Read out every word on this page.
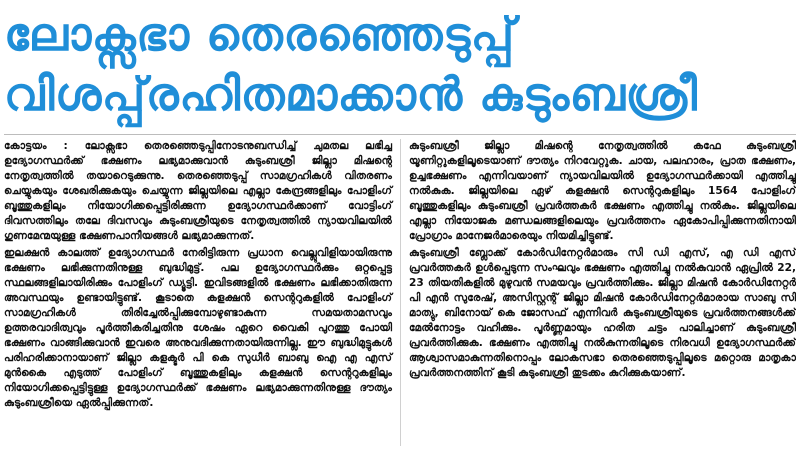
ലോക്സഭാ തെരഞ്ഞെടുപ്പ്
വിശപ്പ്‌രഹിതമാക്കാൻ കുടുംബശ്രീ

കോട്ടയം : ലോക്സഭാ തെരഞ്ഞെടുപ്പിനോടനുബന്ധിച്ച് ചുമതല ലഭിച്ച ഉദ്യോഗസ്ഥർക്ക് ഭക്ഷണം ലഭ്യമാക്കുവാൻ കുടുംബശ്രീ ജില്ലാ മിഷന്റെ നേതൃത്വത്തിൽ തയാറെടുക്കുന്നു. തെരഞ്ഞെടുപ്പ് സാമഗ്രഹികൾ വിതരണം ചെയ്യുകയും ശേഖരിക്കുകയും ചെയ്യുന്ന ജില്ലയിലെ എല്ലാ കേന്ദ്രങ്ങളിലും പോളിംഗ് ബൂത്തുകളിലും നിയോഗിക്കപ്പെട്ടിരിക്കുന്ന ഉദ്യോഗസ്ഥർക്കാണ് വോട്ടിംഗ് ദിവസത്തിലും തലേ ദിവസവും കുടുംബശ്രീയുടെ നേതൃത്വത്തിൽ ന്യായവിലയിൽ ഗുണമേന്മയുള്ള ഭക്ഷണപാനീയങ്ങൾ ലഭ്യമാക്കുന്നത്.

ഇലക്ഷൻ കാലത്ത് ഉദ്യോഗസ്ഥർ നേരിട്ടിരുന്ന പ്രധാന വെല്ലുവിളിയായിരുന്നു ഭക്ഷണം ലഭിക്കുന്നതിനുള്ള ബുദ്ധിമുട്ട്. പല ഉദ്യോഗസ്ഥർക്കും ഒറ്റപ്പെട്ട സ്ഥലങ്ങളിലായിരിക്കും പോളിംഗ് ഡ്യൂട്ടി. ഇവിടങ്ങളിൽ ഭക്ഷണം ലഭിക്കാതിരുന്ന അവസ്ഥയും ഉണ്ടായിട്ടുണ്ട്. കൂടാതെ കളക്ഷൻ സെന്ററുകളിൽ പോളിംഗ് സാമഗ്രഹികൾ തിരിച്ചേൽപ്പിക്കുമ്പോഴുണ്ടാകുന്ന സമയതാമസവും ഉത്തരവാദിത്വവും പൂർത്തീകരിച്ചതിനു ശേഷം ഏറെ വൈകി പുറത്തു പോയി ഭക്ഷണം വാങ്ങിക്കുവാൻ ഇവരെ അനുവദിക്കുന്നതായിരുന്നില്ല. ഈ ബുദ്ധിമുട്ടുകൾ പരിഹരിക്കാനായാണ് ജില്ലാ കളക്ടർ പി കെ സുധീർ ബാബു ഐ എ എസ് മുൻകൈ എടുത്ത് പോളിംഗ് ബൂത്തുകളിലും കളക്ഷൻ സെന്ററുകളിലും നിയോഗിക്കപ്പെട്ടിട്ടുള്ള ഉദ്യോഗസ്ഥർക്ക് ഭക്ഷണം ലഭ്യമാക്കുന്നതിനുള്ള ദൗത്യം കുടുംബശ്രീയെ ഏൽപ്പിക്കുന്നത്.

കുടുംബശ്രീ ജില്ലാ മിഷന്റെ നേതൃത്വത്തിൽ കഫേ കുടുംബശ്രീ യൂണിറ്റുകളിലൂടെയാണ് ദൗത്യം നിറവേറ്റുക. ചായ, പലഹാരം, പ്രാത ഭക്ഷണം, ഉച്ചഭക്ഷണം എന്നിവയാണ് ന്യായവിലയിൽ ഉദ്യോഗസ്ഥർക്കായി എത്തിച്ചു നൽകുക. ജില്ലയിലെ ഏഴ് കളക്ഷൻ സെന്ററുകളിലും 1564 പോളിംഗ് ബൂത്തുകളിലും കുടുംബശ്രീ പ്രവർത്തകർ ഭക്ഷണം എത്തിച്ചു നൽകും. ജില്ലയിലെ എല്ലാ നിയോജക മണ്ഡലങ്ങളിലെയും പ്രവർത്തനം ഏകോപിപ്പിക്കുന്നതിനായി പ്രോഗ്രാം മാനേജർമാരെയും നിയമിച്ചിട്ടുണ്ട്.

കുടുംബശ്രീ ബ്ലോക്ക് കോർഡിനേറ്റർമാരും സി ഡി എസ്, എ ഡി എസ് പ്രവർത്തകർ ഉൾപ്പെടുന്ന സംഘവും ഭക്ഷണം എത്തിച്ചു നൽകുവാൻ ഏപ്രിൽ 22, 23 തിയതികളിൽ മുഴുവൻ സമയവും പ്രവർത്തിക്കും. ജില്ലാ മിഷൻ കോർഡിനേറ്റർ പി എൻ സുരേഷ്, അസിസ്റ്റന്റ് ജില്ലാ മിഷൻ കോർഡിനേറ്റർമാരായ സാബു സി മാത്യു, ബിനോയ് കെ ജോസഫ് എന്നിവർ കുടുംബശ്രീയുടെ പ്രവർത്തനങ്ങൾക്ക് മേൽനോട്ടം വഹിക്കും. പൂർണ്ണമായും ഹരിത ചട്ടം പാലിച്ചാണ് കുടുംബശ്രീ പ്രവർത്തിക്കുക. ഭക്ഷണം എത്തിച്ചു നൽകുന്നതിലൂടെ നിരവധി ഉദ്യോഗസ്ഥർക്ക് ആശ്വാസമാകുന്നതിനൊപ്പം ലോകസഭാ തെരഞ്ഞെടുപ്പിലൂടെ മറ്റൊരു മാതൃകാ പ്രവർത്തനത്തിന് കൂടി കുടുംബശ്രീ തുടക്കം കുറിക്കുകയാണ്.
